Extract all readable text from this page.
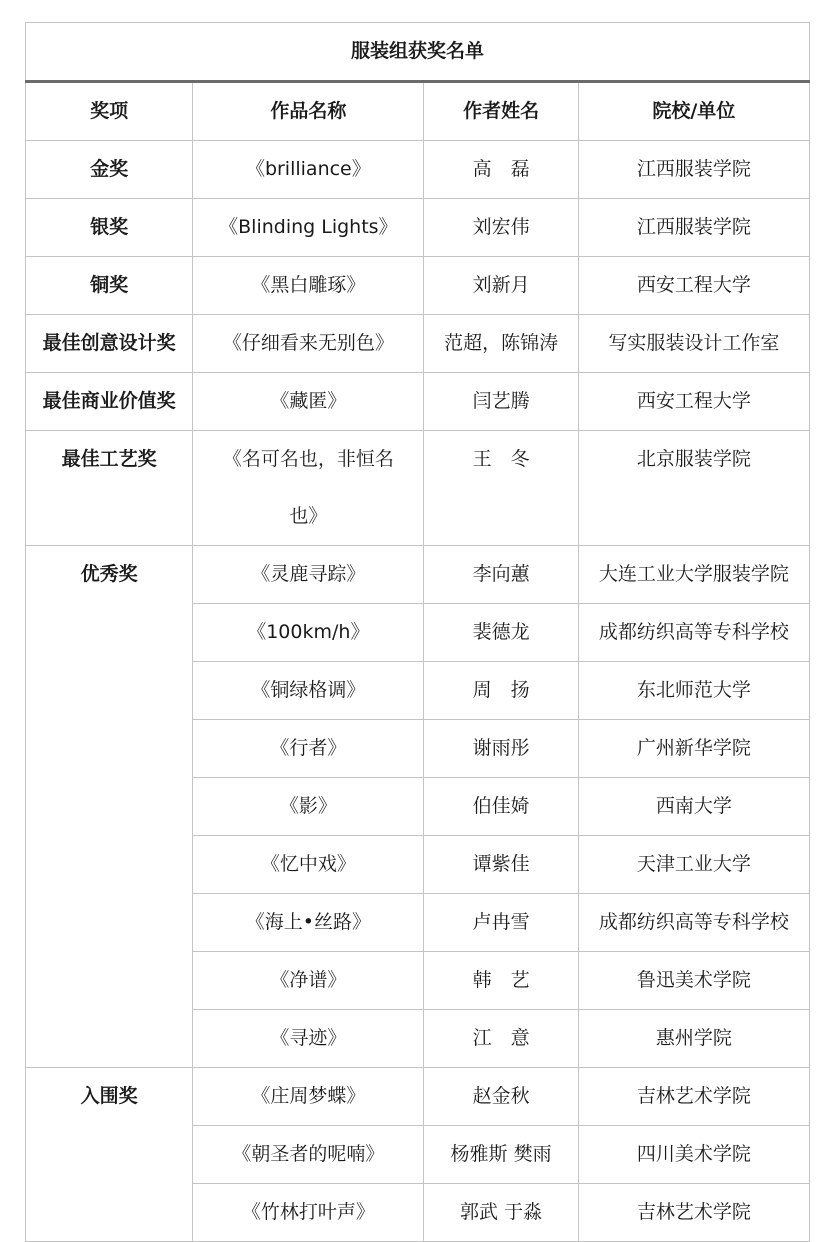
服装组获奖名单			
奖项	作品名称	作者姓名	院校/单位
金奖	《brilliance》	高　磊	江西服装学院
银奖	《Blinding Lights》	刘宏伟	江西服装学院
铜奖	《黑白雕琢》	刘新月	西安工程大学
最佳创意设计奖	《仔细看来无别色》	范超，陈锦涛	写实服装设计工作室
最佳商业价值奖	《藏匿》	闫艺腾	西安工程大学
最佳工艺奖	《名可名也，非恒名也》	王　冬	北京服装学院
优秀奖	《灵鹿寻踪》	李向蕙	大连工业大学服装学院
	《100km/h》	裴德龙	成都纺织高等专科学校
	《铜绿格调》	周　扬	东北师范大学
	《行者》	谢雨彤	广州新华学院
	《影》	伯佳婍	西南大学
	《忆中戏》	谭紫佳	天津工业大学
	《海上•丝路》	卢冉雪	成都纺织高等专科学校
	《净谱》	韩　艺	鲁迅美术学院
	《寻迹》	江　意	惠州学院
入围奖	《庄周梦蝶》	赵金秋	吉林艺术学院
	《朝圣者的呢喃》	杨雅斯 樊雨	四川美术学院
	《竹林打叶声》	郭武 于淼	吉林艺术学院
